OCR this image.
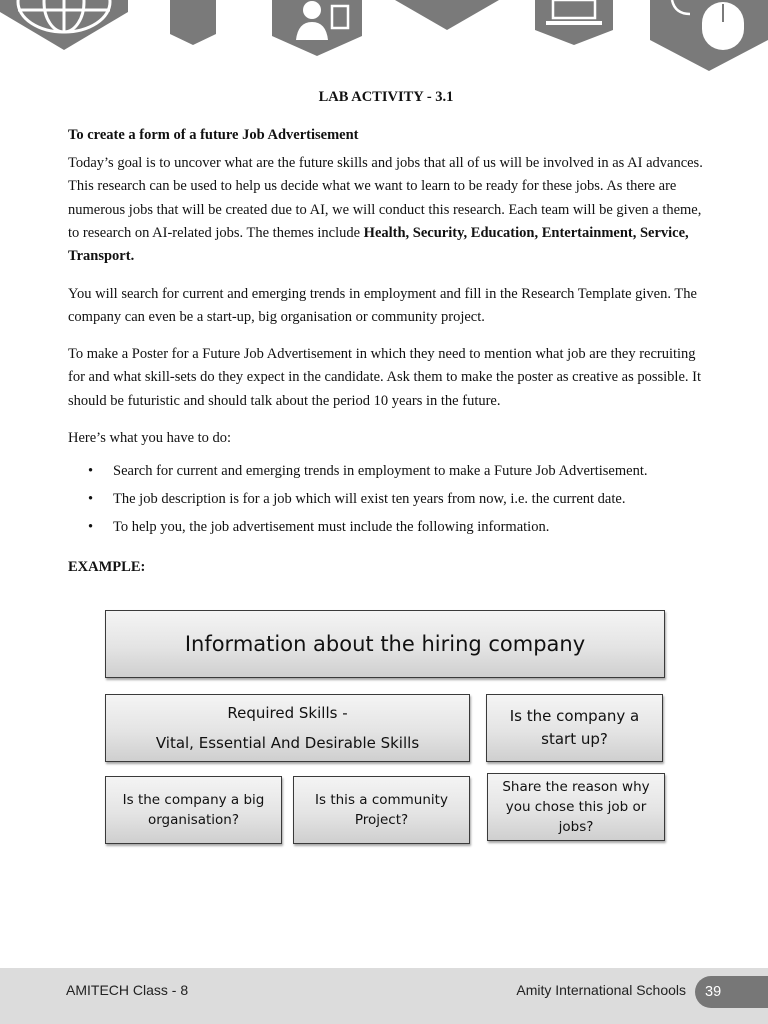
LAB ACTIVITY - 3.1
To create a form of a future Job Advertisement
Today’s goal is to uncover what are the future skills and jobs that all of us will be involved in as AI advances. This research can be used to help us decide what we want to learn to be ready for these jobs. As there are numerous jobs that will be created due to AI, we will conduct this research. Each team will be given a theme, to research on AI-related jobs. The themes include Health, Security, Education, Entertainment, Service, Transport.
You will search for current and emerging trends in employment and fill in the Research Template given. The company can even be a start-up, big organisation or community project.
To make a Poster for a Future Job Advertisement in which they need to mention what job are they recruiting for and what skill-sets do they expect in the candidate. Ask them to make the poster as creative as possible. It should be futuristic and should talk about the period 10 years in the future.
Here’s what you have to do:
• Search for current and emerging trends in employment to make a Future Job Advertisement.
• The job description is for a job which will exist ten years from now, i.e. the current date.
• To help you, the job advertisement must include the following information.
EXAMPLE:
Information about the hiring company
Required Skills -
Vital, Essential And Desirable Skills
Is the company a start up?
Is the company a big organisation?
Is this a community Project?
Share the reason why you chose this job or jobs?
AMITECH Class - 8	Amity International Schools	39
